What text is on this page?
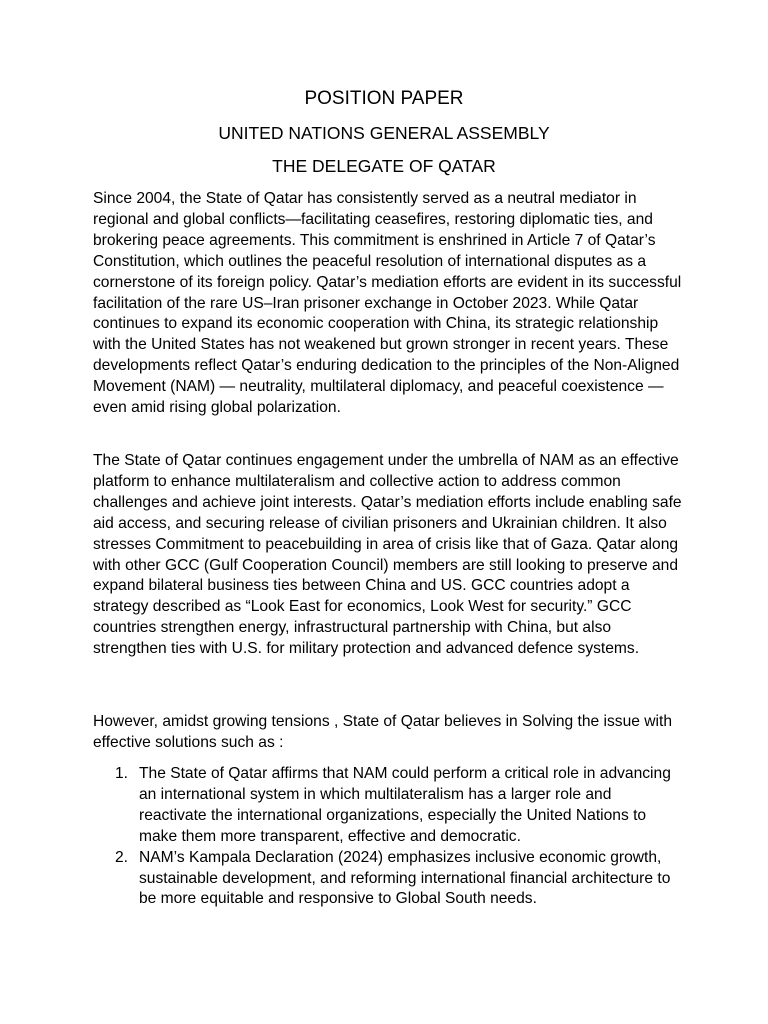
POSITION PAPER
UNITED NATIONS GENERAL ASSEMBLY
THE DELEGATE OF QATAR

Since 2004, the State of Qatar has consistently served as a neutral mediator in regional and global conflicts—facilitating ceasefires, restoring diplomatic ties, and brokering peace agreements. This commitment is enshrined in Article 7 of Qatar’s Constitution, which outlines the peaceful resolution of international disputes as a cornerstone of its foreign policy. Qatar’s mediation efforts are evident in its successful facilitation of the rare US–Iran prisoner exchange in October 2023. While Qatar continues to expand its economic cooperation with China, its strategic relationship with the United States has not weakened but grown stronger in recent years. These developments reflect Qatar’s enduring dedication to the principles of the Non-Aligned Movement (NAM) — neutrality, multilateral diplomacy, and peaceful coexistence — even amid rising global polarization.

The State of Qatar continues engagement under the umbrella of NAM as an effective platform to enhance multilateralism and collective action to address common challenges and achieve joint interests. Qatar’s mediation efforts include enabling safe aid access, and securing release of civilian prisoners and Ukrainian children. It also stresses Commitment to peacebuilding in area of crisis like that of Gaza. Qatar along with other GCC (Gulf Cooperation Council) members are still looking to preserve and expand bilateral business ties between China and US. GCC countries adopt a strategy described as “Look East for economics, Look West for security.” GCC countries strengthen energy, infrastructural partnership with China, but also strengthen ties with U.S. for military protection and advanced defence systems.

However, amidst growing tensions , State of Qatar believes in Solving the issue with effective solutions such as :

1. The State of Qatar affirms that NAM could perform a critical role in advancing an international system in which multilateralism has a larger role and reactivate the international organizations, especially the United Nations to make them more transparent, effective and democratic.
2. NAM’s Kampala Declaration (2024) emphasizes inclusive economic growth, sustainable development, and reforming international financial architecture to be more equitable and responsive to Global South needs.
